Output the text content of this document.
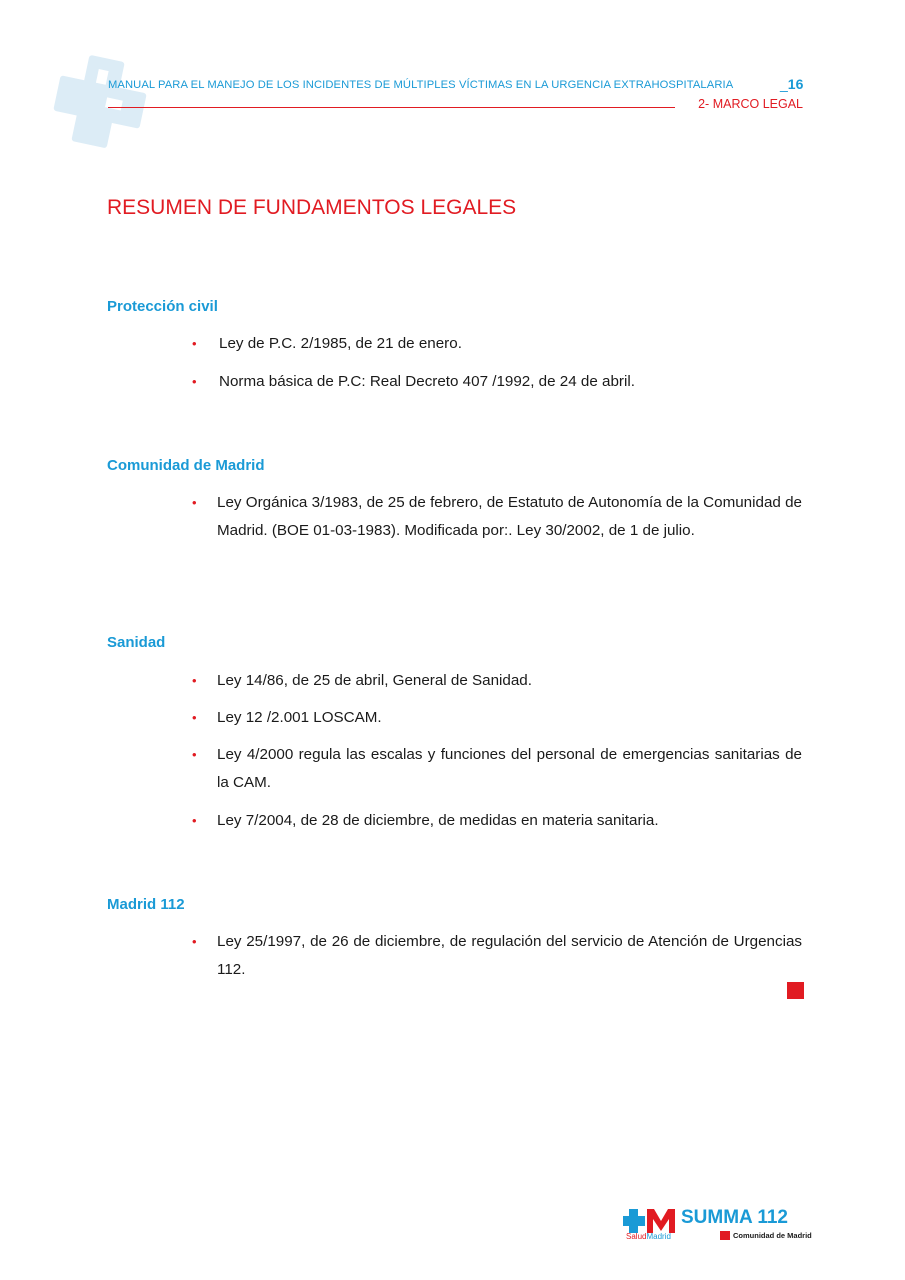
MANUAL PARA EL MANEJO DE LOS INCIDENTES DE MÚLTIPLES VÍCTIMAS EN LA URGENCIA EXTRAHOSPITALARIA	_16
2- MARCO LEGAL
RESUMEN DE FUNDAMENTOS LEGALES
Protección civil
• Ley de P.C. 2/1985, de 21 de enero.
• Norma básica de P.C: Real Decreto 407 /1992, de 24 de abril.
Comunidad de Madrid
• Ley Orgánica 3/1983, de 25 de febrero, de Estatuto de Autonomía de la Comunidad de Madrid. (BOE 01-03-1983). Modificada por:. Ley 30/2002, de 1 de julio.
Sanidad
• Ley 14/86, de 25 de abril, General de Sanidad.
• Ley 12 /2.001 LOSCAM.
• Ley 4/2000 regula las escalas y funciones del personal de emergencias sanitarias de la CAM.
• Ley 7/2004, de 28 de diciembre, de medidas en materia sanitaria.
Madrid 112
• Ley 25/1997, de 26 de diciembre, de regulación del servicio de Atención de Urgencias 112.
SaludMadrid
SUMMA 112
Comunidad de Madrid
